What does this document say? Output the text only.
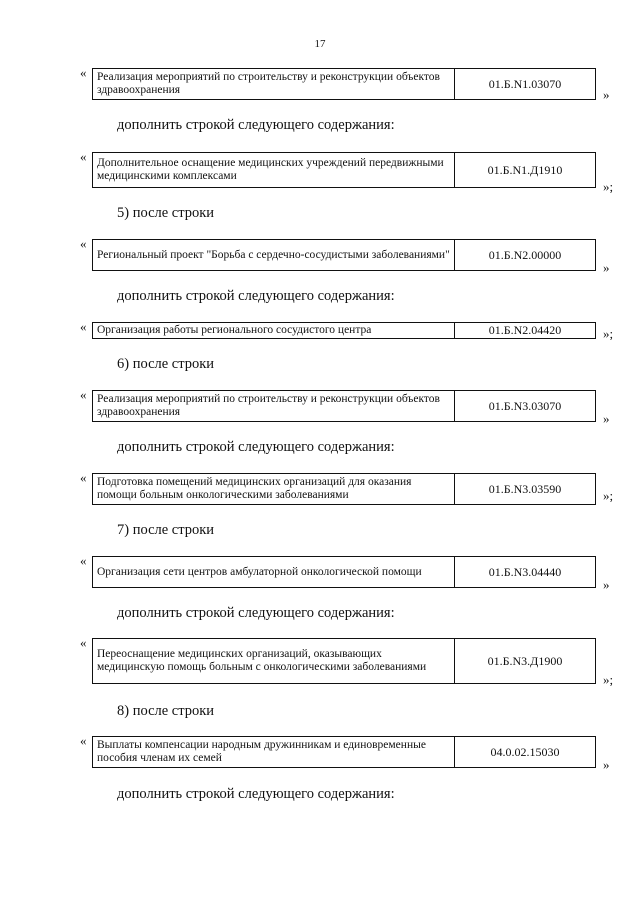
17
« Реализация мероприятий по строительству и реконструкции объектов здравоохранения	01.Б.N1.03070
»
дополнить строкой следующего содержания:
« Дополнительное оснащение медицинских учреждений передвижными медицинскими комплексами	01.Б.N1.Д1910
»;
5) после строки
«
Региональный проект "Борьба с сердечно-сосудистыми заболеваниями"	01.Б.N2.00000
»
дополнить строкой следующего содержания:
« Организация работы регионального сосудистого центра	01.Б.N2.04420	»;
6) после строки
« Реализация мероприятий по строительству и реконструкции объектов здравоохранения	01.Б.N3.03070
»
дополнить строкой следующего содержания:
« Подготовка помещений медицинских организаций для оказания помощи больным онкологическими заболеваниями	01.Б.N3.03590	»;
7) после строки
«
Организация сети центров амбулаторной онкологической помощи	01.Б.N3.04440
»
дополнить строкой следующего содержания:
«
Переоснащение медицинских организаций, оказывающих медицинскую помощь больным с онкологическими заболеваниями	01.Б.N3.Д1900
»;
8) после строки
« Выплаты компенсации народным дружинникам и единовременные пособия членам их семей	04.0.02.15030
»
дополнить строкой следующего содержания:
